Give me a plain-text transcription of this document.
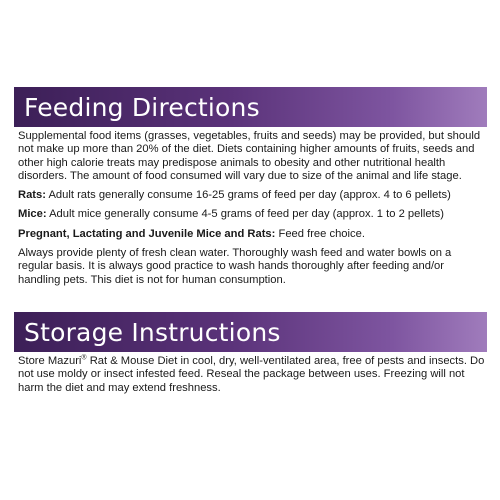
Feeding Directions

Supplemental food items (grasses, vegetables, fruits and seeds) may be provided, but should not make up more than 20% of the diet. Diets containing higher amounts of fruits, seeds and other high calorie treats may predispose animals to obesity and other nutritional health disorders. The amount of food consumed will vary due to size of the animal and life stage.

Rats: Adult rats generally consume 16-25 grams of feed per day (approx. 4 to 6 pellets)

Mice: Adult mice generally consume 4-5 grams of feed per day (approx. 1 to 2 pellets)

Pregnant, Lactating and Juvenile Mice and Rats: Feed free choice.

Always provide plenty of fresh clean water. Thoroughly wash feed and water bowls on a regular basis. It is always good practice to wash hands thoroughly after feeding and/or handling pets. This diet is not for human consumption.

Storage Instructions

Store Mazuri® Rat & Mouse Diet in cool, dry, well-ventilated area, free of pests and insects. Do not use moldy or insect infested feed. Reseal the package between uses. Freezing will not harm the diet and may extend freshness.
